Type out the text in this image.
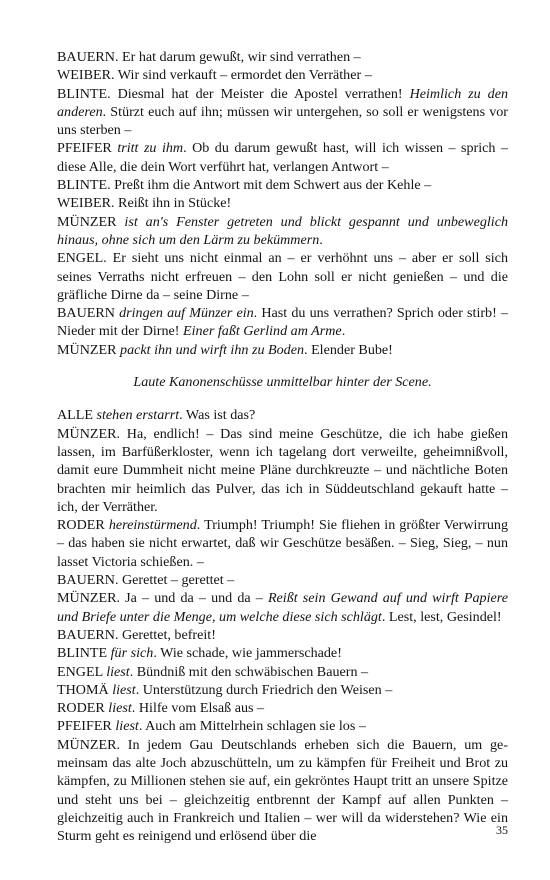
BAUERN. Er hat darum gewußt, wir sind verrathen –

WEIBER. Wir sind verkauft – ermordet den Verräther –

BLINTE. Diesmal hat der Meister die Apostel verrathen! Heimlich zu den anderen. Stürzt euch auf ihn; müssen wir untergehen, so soll er wenigstens vor uns sterben –

PFEIFER tritt zu ihm. Ob du darum gewußt hast, will ich wissen – sprich – diese Alle, die dein Wort verführt hat, verlangen Antwort –

BLINTE. Preßt ihm die Antwort mit dem Schwert aus der Kehle –

WEIBER. Reißt ihn in Stücke!

MÜNZER ist an's Fenster getreten und blickt gespannt und unbeweglich hinaus, ohne sich um den Lärm zu bekümmern.

ENGEL. Er sieht uns nicht einmal an – er verhöhnt uns – aber er soll sich seines Verraths nicht erfreuen – den Lohn soll er nicht genießen – und die gräfliche Dirne da – seine Dirne –

BAUERN dringen auf Münzer ein. Hast du uns verrathen? Sprich oder stirb! – Nieder mit der Dirne! Einer faßt Gerlind am Arme.

MÜNZER packt ihn und wirft ihn zu Boden. Elender Bube!

Laute Kanonenschüsse unmittelbar hinter der Scene.

ALLE stehen erstarrt. Was ist das?

MÜNZER. Ha, endlich! – Das sind meine Geschütze, die ich habe gießen lassen, im Barfüßerkloster, wenn ich tagelang dort verweilte, geheimnißvoll, damit eure Dummheit nicht meine Pläne durchkreuzte – und nächtliche Boten brachten mir heimlich das Pulver, das ich in Süddeutschland gekauft hatte – ich, der Verräther.

RODER hereinstürmend. Triumph! Triumph! Sie fliehen in größter Verwirrung – das haben sie nicht erwartet, daß wir Geschütze besäßen. – Sieg, Sieg, – nun lasset Victoria schießen. –

BAUERN. Gerettet – gerettet –

MÜNZER. Ja – und da – und da – Reißt sein Gewand auf und wirft Papiere und Briefe unter die Menge, um welche diese sich schlägt. Lest, lest, Gesindel!

BAUERN. Gerettet, befreit!

BLINTE für sich. Wie schade, wie jammerschade!

ENGEL liest. Bündniß mit den schwäbischen Bauern –

THOMÄ liest. Unterstützung durch Friedrich den Weisen –

RODER liest. Hilfe vom Elsaß aus –

PFEIFER liest. Auch am Mittelrhein schlagen sie los –

MÜNZER. In jedem Gau Deutschlands erheben sich die Bauern, um gemeinsam das alte Joch abzuschütteln, um zu kämpfen für Freiheit und Brot zu kämpfen, zu Millionen stehen sie auf, ein gekröntes Haupt tritt an unsere Spitze und steht uns bei – gleichzeitig entbrennt der Kampf auf allen Punkten – gleichzeitig auch in Frankreich und Italien – wer will da widerstehen? Wie ein Sturm geht es reinigend und erlösend über die	35
